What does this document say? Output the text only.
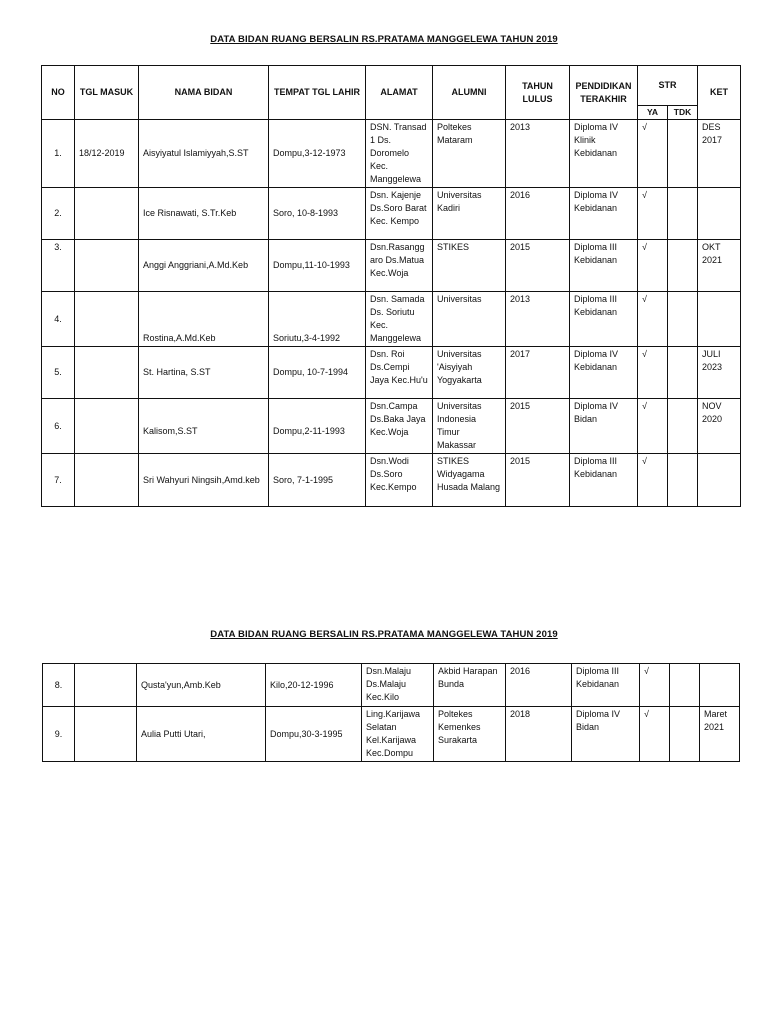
DATA BIDAN RUANG BERSALIN RS.PRATAMA MANGGELEWA TAHUN 2019
NO	TGL MASUK	NAMA BIDAN	TEMPAT TGL LAHIR	ALAMAT	ALUMNI	TAHUN LULUS	PENDIDIKAN TERAKHIR	STR		KET
								YA	TDK	
1.	18/12-2019	Aisyiyatul Islamiyyah,S.ST	Dompu,3-12-1973	DSN. Transad 1 Ds. Doromelo Kec. Manggelewa	Poltekes Mataram	2013	Diploma IV Klinik Kebidanan	√		DES 2017
2.		Ice Risnawati, S.Tr.Keb	Soro, 10-8-1993	Dsn. Kajenje Ds.Soro Barat Kec. Kempo	Universitas Kadiri	2016	Diploma IV Kebidanan	√		
3.		Anggi Anggriani,A.Md.Keb	Dompu,11-10-1993	Dsn.Rasangg aro Ds.Matua Kec.Woja	STIKES	2015	Diploma III Kebidanan	√		OKT 2021
4.		Rostina,A.Md.Keb	Soriutu,3-4-1992	Dsn. Samada Ds. Soriutu Kec. Manggelewa	Universitas	2013	Diploma III Kebidanan	√		
5.		St. Hartina, S.ST	Dompu, 10-7-1994	Dsn. Roi Ds.Cempi Jaya Kec.Hu'u	Universitas 'Aisyiyah Yogyakarta	2017	Diploma IV Kebidanan	√		JULI 2023
6.		Kalisom,S.ST	Dompu,2-11-1993	Dsn.Campa Ds.Baka Jaya Kec.Woja	Universitas Indonesia Timur Makassar	2015	Diploma IV Bidan	√		NOV 2020
7.		Sri Wahyuri Ningsih,Amd.keb	Soro, 7-1-1995	Dsn.Wodi Ds.Soro Kec.Kempo	STIKES Widyagama Husada Malang	2015	Diploma III Kebidanan	√		
DATA BIDAN RUANG BERSALIN RS.PRATAMA MANGGELEWA TAHUN 2019
8.		Qusta'yun,Amb.Keb	Kilo,20-12-1996	Dsn.Malaju Ds.Malaju Kec.Kilo	Akbid Harapan Bunda	2016	Diploma III Kebidanan	√		
9.		Aulia Putti Utari,	Dompu,30-3-1995	Ling.Karijawa Selatan Kel.Karijawa Kec.Dompu	Poltekes Kemenkes Surakarta	2018	Diploma IV Bidan	√		Maret 2021
